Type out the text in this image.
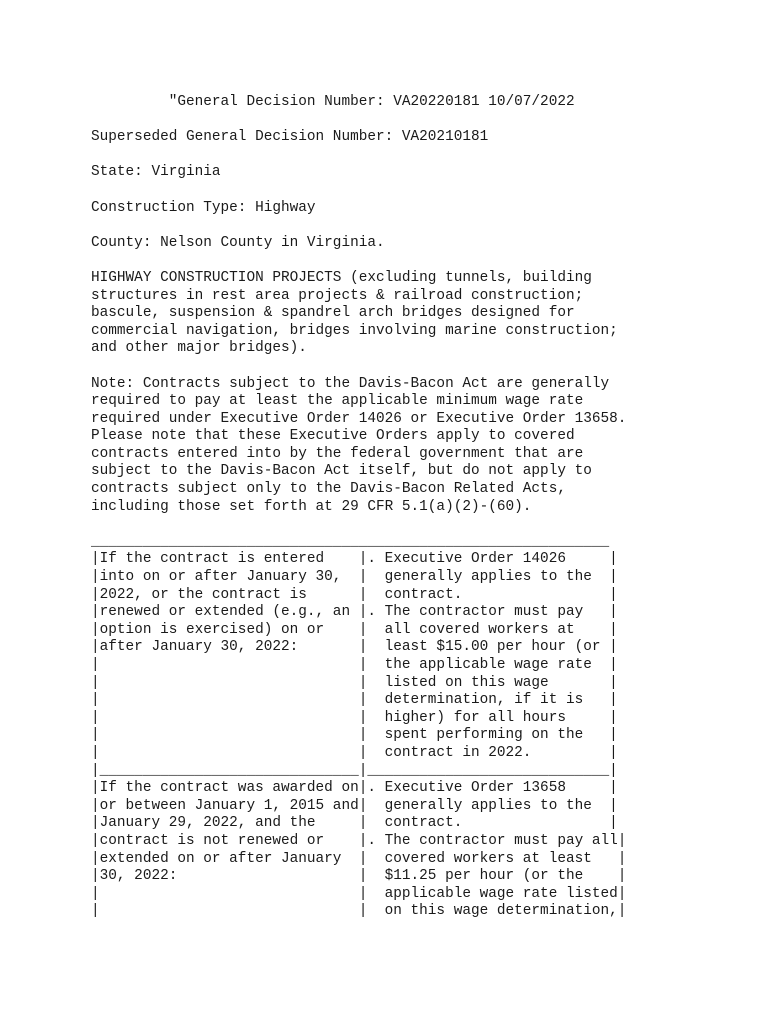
"General Decision Number: VA20220181 10/07/2022
Superseded General Decision Number: VA20210181
State: Virginia
Construction Type: Highway
County: Nelson County in Virginia.
HIGHWAY CONSTRUCTION PROJECTS (excluding tunnels, building
structures in rest area projects & railroad construction;
bascule, suspension & spandrel arch bridges designed for
commercial navigation, bridges involving marine construction;
and other major bridges).
Note: Contracts subject to the Davis-Bacon Act are generally
required to pay at least the applicable minimum wage rate
required under Executive Order 14026 or Executive Order 13658.
Please note that these Executive Orders apply to covered
contracts entered into by the federal government that are
subject to the Davis-Bacon Act itself, but do not apply to
contracts subject only to the Davis-Bacon Related Acts,
including those set forth at 29 CFR 5.1(a)(2)-(60).
____________________________________________________________
|If the contract is entered    |. Executive Order 14026     |
|into on or after January 30,  |  generally applies to the  |
|2022, or the contract is      |  contract.                 |
|renewed or extended (e.g., an |. The contractor must pay   |
|option is exercised) on or    |  all covered workers at    |
|after January 30, 2022:       |  least $15.00 per hour (or |
|                              |  the applicable wage rate  |
|                              |  listed on this wage       |
|                              |  determination, if it is   |
|                              |  higher) for all hours     |
|                              |  spent performing on the   |
|                              |  contract in 2022.         |
|______________________________|____________________________|
|If the contract was awarded on|. Executive Order 13658     |
|or between January 1, 2015 and|  generally applies to the  |
|January 29, 2022, and the     |  contract.                 |
|contract is not renewed or    |. The contractor must pay all|
|extended on or after January  |  covered workers at least   |
|30, 2022:                     |  $11.25 per hour (or the    |
|                              |  applicable wage rate listed|
|                              |  on this wage determination,|
